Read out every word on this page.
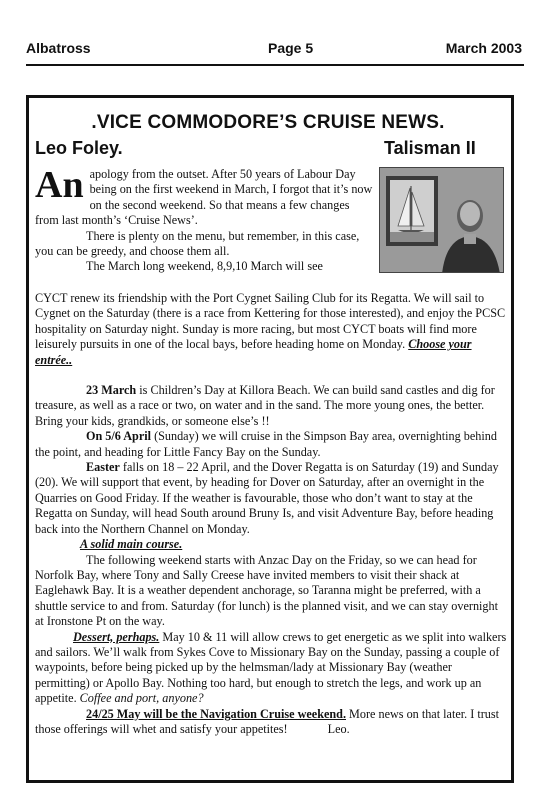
Albatross	Page 5	March 2003
.VICE COMMODORE’S CRUISE NEWS.
Leo Foley.	Talisman II

An apology from the outset. After 50 years of Labour Day being on the first weekend in March, I forgot that it’s now on the second weekend. So that means a few changes from last month’s ‘Cruise News’.

There is plenty on the menu, but remember, in this case, you can be greedy, and choose them all.

The March long weekend, 8,9,10 March will see

CYCT renew its friendship with the Port Cygnet Sailing Club for its Regatta. We will sail to Cygnet on the Saturday (there is a race from Kettering for those interested), and enjoy the PCSC hospitality on Saturday night. Sunday is more racing, but most CYCT boats will find more leisurely pursuits in one of the local bays, before heading home on Monday. Choose your entrée..

23 March is Children’s Day at Killora Beach. We can build sand castles and dig for treasure, as well as a race or two, on water and in the sand. The more young ones, the better. Bring your kids, grandkids, or someone else’s !!

On 5/6 April (Sunday) we will cruise in the Simpson Bay area, overnighting behind the point, and heading for Little Fancy Bay on the Sunday.

Easter falls on 18 – 22 April, and the Dover Regatta is on Saturday (19) and Sunday (20). We will support that event, by heading for Dover on Saturday, after an overnight in the Quarries on Good Friday. If the weather is favourable, those who don’t want to stay at the Regatta on Sunday, will head South around Bruny Is, and visit Adventure Bay, before heading back into the Northern Channel on Monday.

A solid main course.

The following weekend starts with Anzac Day on the Friday, so we can head for Norfolk Bay, where Tony and Sally Creese have invited members to visit their shack at Eaglehawk Bay. It is a weather dependent anchorage, so Taranna might be preferred, with a shuttle service to and from. Saturday (for lunch) is the planned visit, and we can stay overnight at Ironstone Pt on the way.

Dessert, perhaps. May 10 & 11 will allow crews to get energetic as we split into walkers and sailors. We’ll walk from Sykes Cove to Missionary Bay on the Sunday, passing a couple of waypoints, before being picked up by the helmsman/lady at Missionary Bay (weather permitting) or Apollo Bay. Nothing too hard, but enough to stretch the legs, and work up an appetite. Coffee and port, anyone?

24/25 May will be the Navigation Cruise weekend. More news on that later. I trust those offerings will whet and satisfy your appetites!	Leo.
